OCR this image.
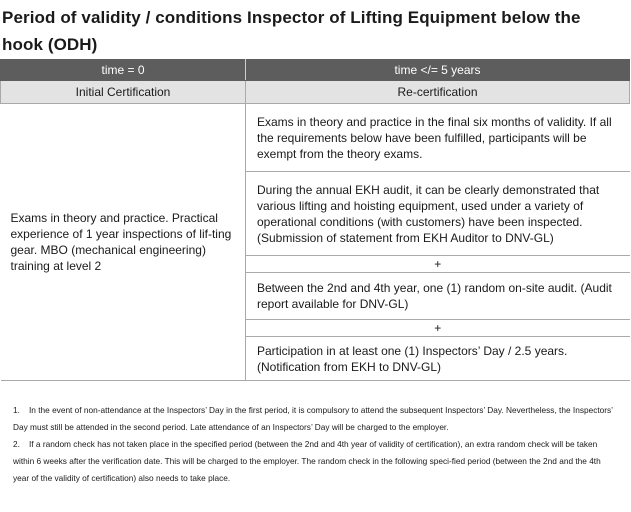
Period of validity / conditions Inspector of Lifting Equipment below the hook (ODH)
time = 0	time </= 5 years
Initial Certification	Re-certification
Exams in theory and practice. Practical experience of 1 year inspections of lif-ting gear. MBO (mechanical engineering) training at level 2	Exams in theory and practice in the final six months of validity. If all the requirements below have been fulfilled, participants will be exempt from the theory exams.
	During the annual EKH audit, it can be clearly demonstrated that various lifting and hoisting equipment, used under a variety of operational conditions (with customers) have been inspected. (Submission of statement from EKH Auditor to DNV-GL)
	+
	Between the 2nd and 4th year, one (1) random on-site audit. (Audit report available for DNV-GL)
	+
	Participation in at least one (1) Inspectors’ Day / 2.5 years. (Notification from EKH to DNV-GL)
1. In the event of non-attendance at the Inspectors’ Day in the first period, it is compulsory to attend the subsequent Inspectors’ Day. Nevertheless, the Inspectors’ Day must still be attended in the second period. Late attendance of an Inspectors’ Day will be charged to the employer.
2. If a random check has not taken place in the specified period (between the 2nd and 4th year of validity of certification), an extra random check will be taken within 6 weeks after the verification date. This will be charged to the employer. The random check in the following speci-fied period (between the 2nd and the 4th year of the validity of certification) also needs to take place.
